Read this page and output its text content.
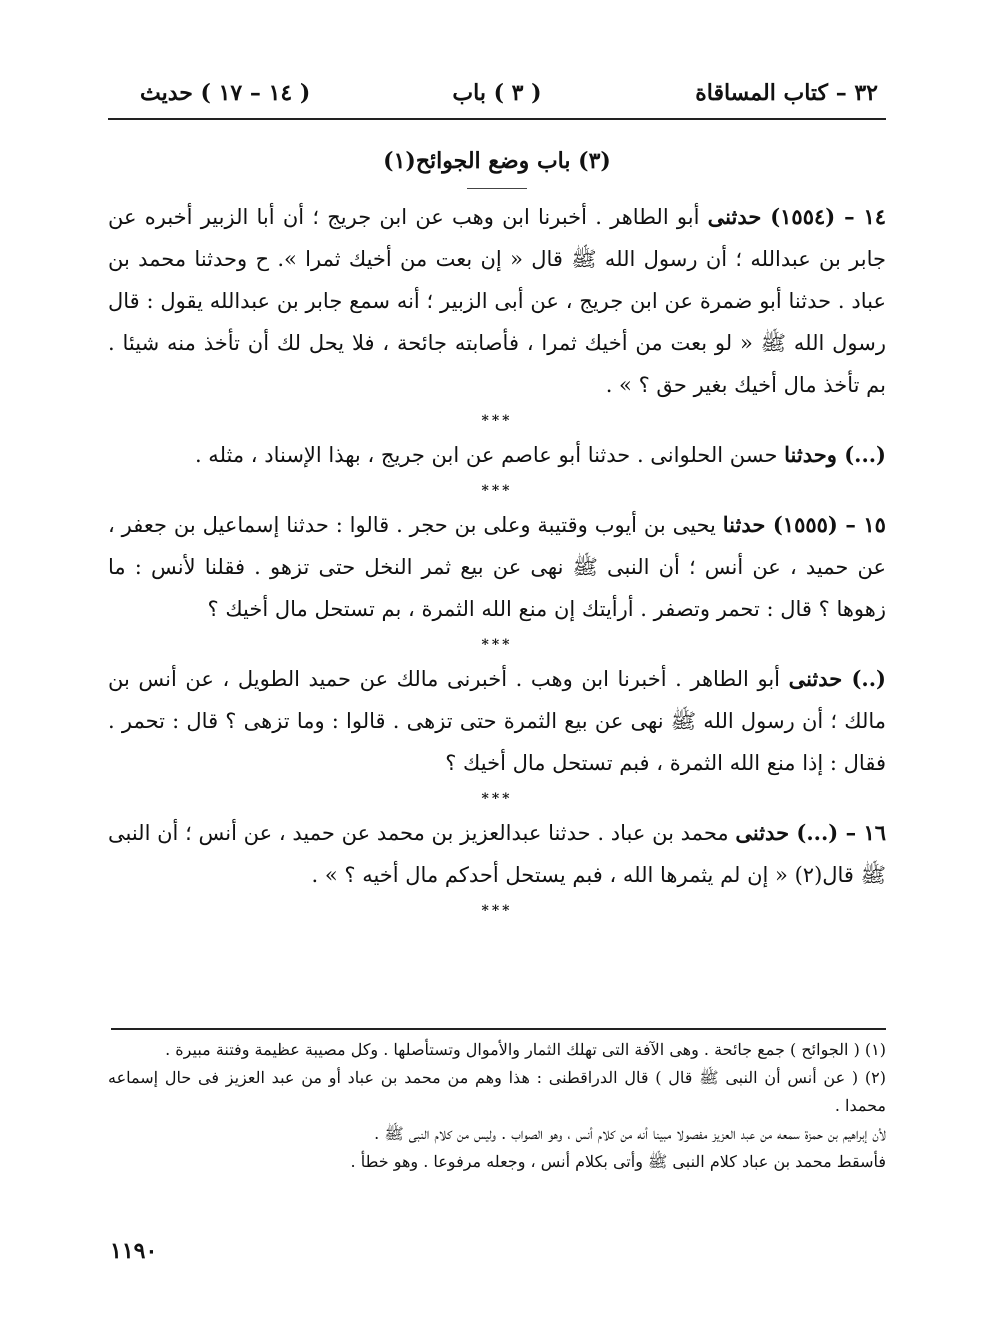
٣٢ – كتاب المساقاة
( ٣ ) باب
( ١٤ – ١٧ ) حديث
(٣) باب وضع الجوائح(١)

١٤ – (١٥٥٤) حدثنى أبو الطاهر . أخبرنا ابن وهب عن ابن جريج ؛ أن أبا الزبير أخبره عن جابر بن عبدالله ؛ أن رسول الله ﷺ قال « إن بعت من أخيك ثمرا ». ح وحدثنا محمد بن عباد . حدثنا أبو ضمرة عن ابن جريج ، عن أبى الزبير ؛ أنه سمع جابر بن عبدالله يقول : قال رسول الله ﷺ « لو بعت من أخيك ثمرا ، فأصابته جائحة ، فلا يحل لك أن تأخذ منه شيئا . بم تأخذ مال أخيك بغير حق ؟ » .

***

(...) وحدثنا حسن الحلوانى . حدثنا أبو عاصم عن ابن جريج ، بهذا الإسناد ، مثله .

***

١٥ – (١٥٥٥) حدثنا يحيى بن أيوب وقتيبة وعلى بن حجر . قالوا : حدثنا إسماعيل بن جعفر ، عن حميد ، عن أنس ؛ أن النبى ﷺ نهى عن بيع ثمر النخل حتى تزهو . فقلنا لأنس : ما زهوها ؟ قال : تحمر وتصفر . أرأيتك إن منع الله الثمرة ، بم تستحل مال أخيك ؟

***

(..) حدثنى أبو الطاهر . أخبرنا ابن وهب . أخبرنى مالك عن حميد الطويل ، عن أنس بن مالك ؛ أن رسول الله ﷺ نهى عن بيع الثمرة حتى تزهى . قالوا : وما تزهى ؟ قال : تحمر . فقال : إذا منع الله الثمرة ، فبم تستحل مال أخيك ؟

***

١٦ – (...) حدثنى محمد بن عباد . حدثنا عبدالعزيز بن محمد عن حميد ، عن أنس ؛ أن النبى ﷺ قال(٢) « إن لم يثمرها الله ، فبم يستحل أحدكم مال أخيه ؟ » .

***

(١) ( الجوائح ) جمع جائحة . وهى الآفة التى تهلك الثمار والأموال وتستأصلها . وكل مصيبة عظيمة وفتنة مبيرة .

(٢) ( عن أنس أن النبى ﷺ قال ) قال الدراقطنى : هذا وهم من محمد بن عباد أو من عبد العزيز فى حال إسماعه محمدا .

لأن إبراهيم بن حمزة سمعه من عبد العزيز مفصولا مبينا أنه من كلام أنس ، وهو الصواب . وليس من كلام النبى ﷺ .

فأسقط محمد بن عباد كلام النبى ﷺ وأتى بكلام أنس ، وجعله مرفوعا . وهو خطأ .

١١٩٠
